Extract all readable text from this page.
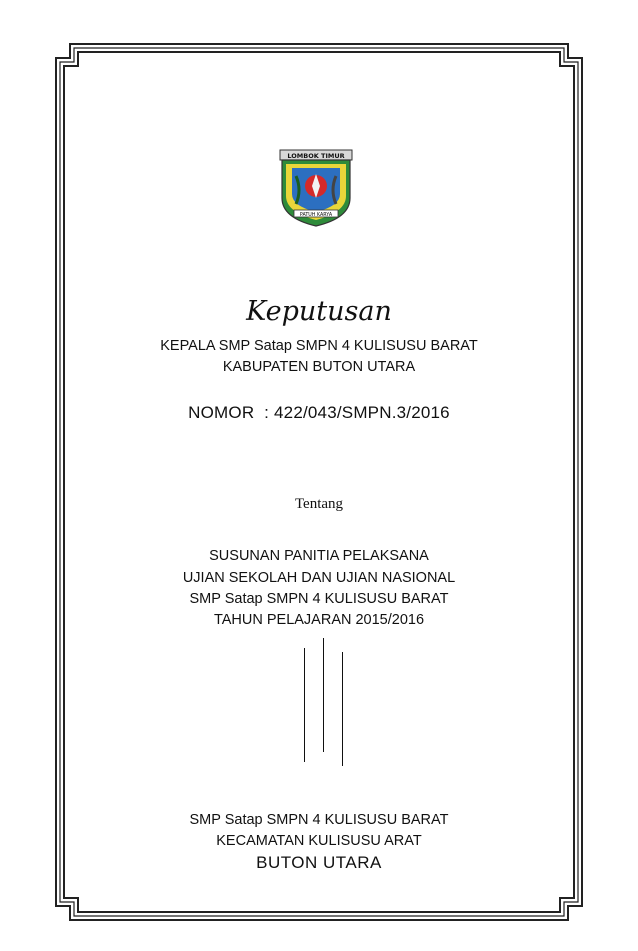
LOMBOK TIMUR
PATUH KARYA
Keputusan
KEPALA SMP Satap SMPN 4 KULISUSU BARAT
KABUPATEN BUTON UTARA
NOMOR  : 422/043/SMPN.3/2016
Tentang
SUSUNAN PANITIA PELAKSANA
UJIAN SEKOLAH DAN UJIAN NASIONAL
SMP Satap SMPN 4 KULISUSU BARAT
TAHUN PELAJARAN 2015/2016
SMP Satap SMPN 4 KULISUSU BARAT
KECAMATAN KULISUSU ARAT
BUTON UTARA
